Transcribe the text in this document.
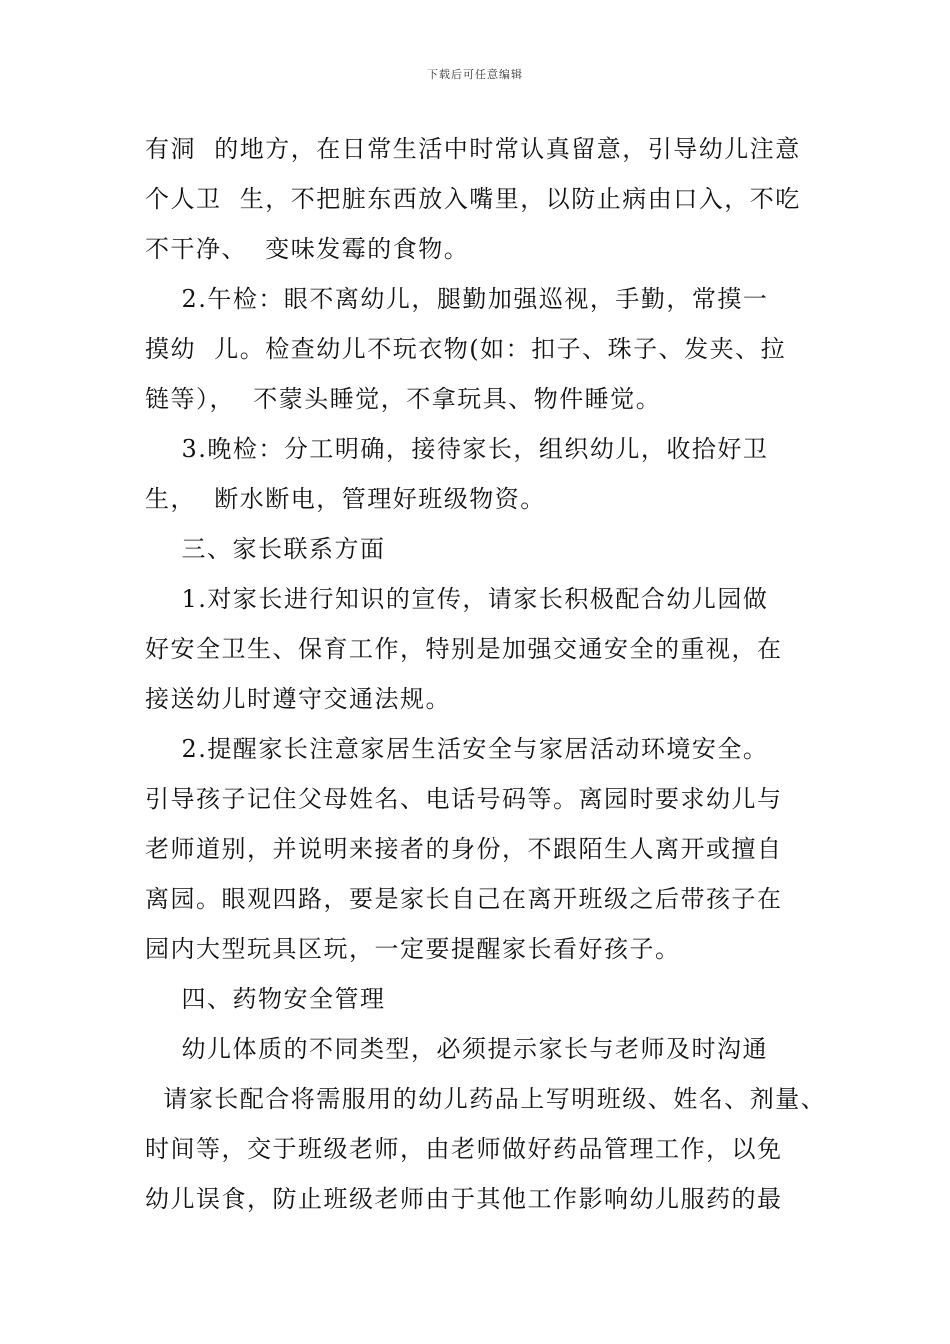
下载后可任意编辑
有洞  的地方，在日常生活中时常认真留意，引导幼儿注意
个人卫  生，不把脏东西放入嘴里，以防止病由口入，不吃
不干净、  变味发霉的食物。
2.午检：眼不离幼儿，腿勤加强巡视，手勤，常摸一
摸幼  儿。检查幼儿不玩衣物(如：扣子、珠子、发夹、拉
链等），  不蒙头睡觉，不拿玩具、物件睡觉。
3.晚检：分工明确，接待家长，组织幼儿，收拾好卫
生，  断水断电，管理好班级物资。
三、家长联系方面
1.对家长进行知识的宣传，请家长积极配合幼儿园做
好安全卫生、保育工作，特别是加强交通安全的重视，在
接送幼儿时遵守交通法规。
2.提醒家长注意家居生活安全与家居活动环境安全。
引导孩子记住父母姓名、电话号码等。离园时要求幼儿与
老师道别，并说明来接者的身份，不跟陌生人离开或擅自
离园。眼观四路，要是家长自己在离开班级之后带孩子在
园内大型玩具区玩，一定要提醒家长看好孩子。
四、药物安全管理
幼儿体质的不同类型，必须提示家长与老师及时沟通
请家长配合将需服用的幼儿药品上写明班级、姓名、剂量、
时间等，交于班级老师，由老师做好药品管理工作，以免
幼儿误食，防止班级老师由于其他工作影响幼儿服药的最
